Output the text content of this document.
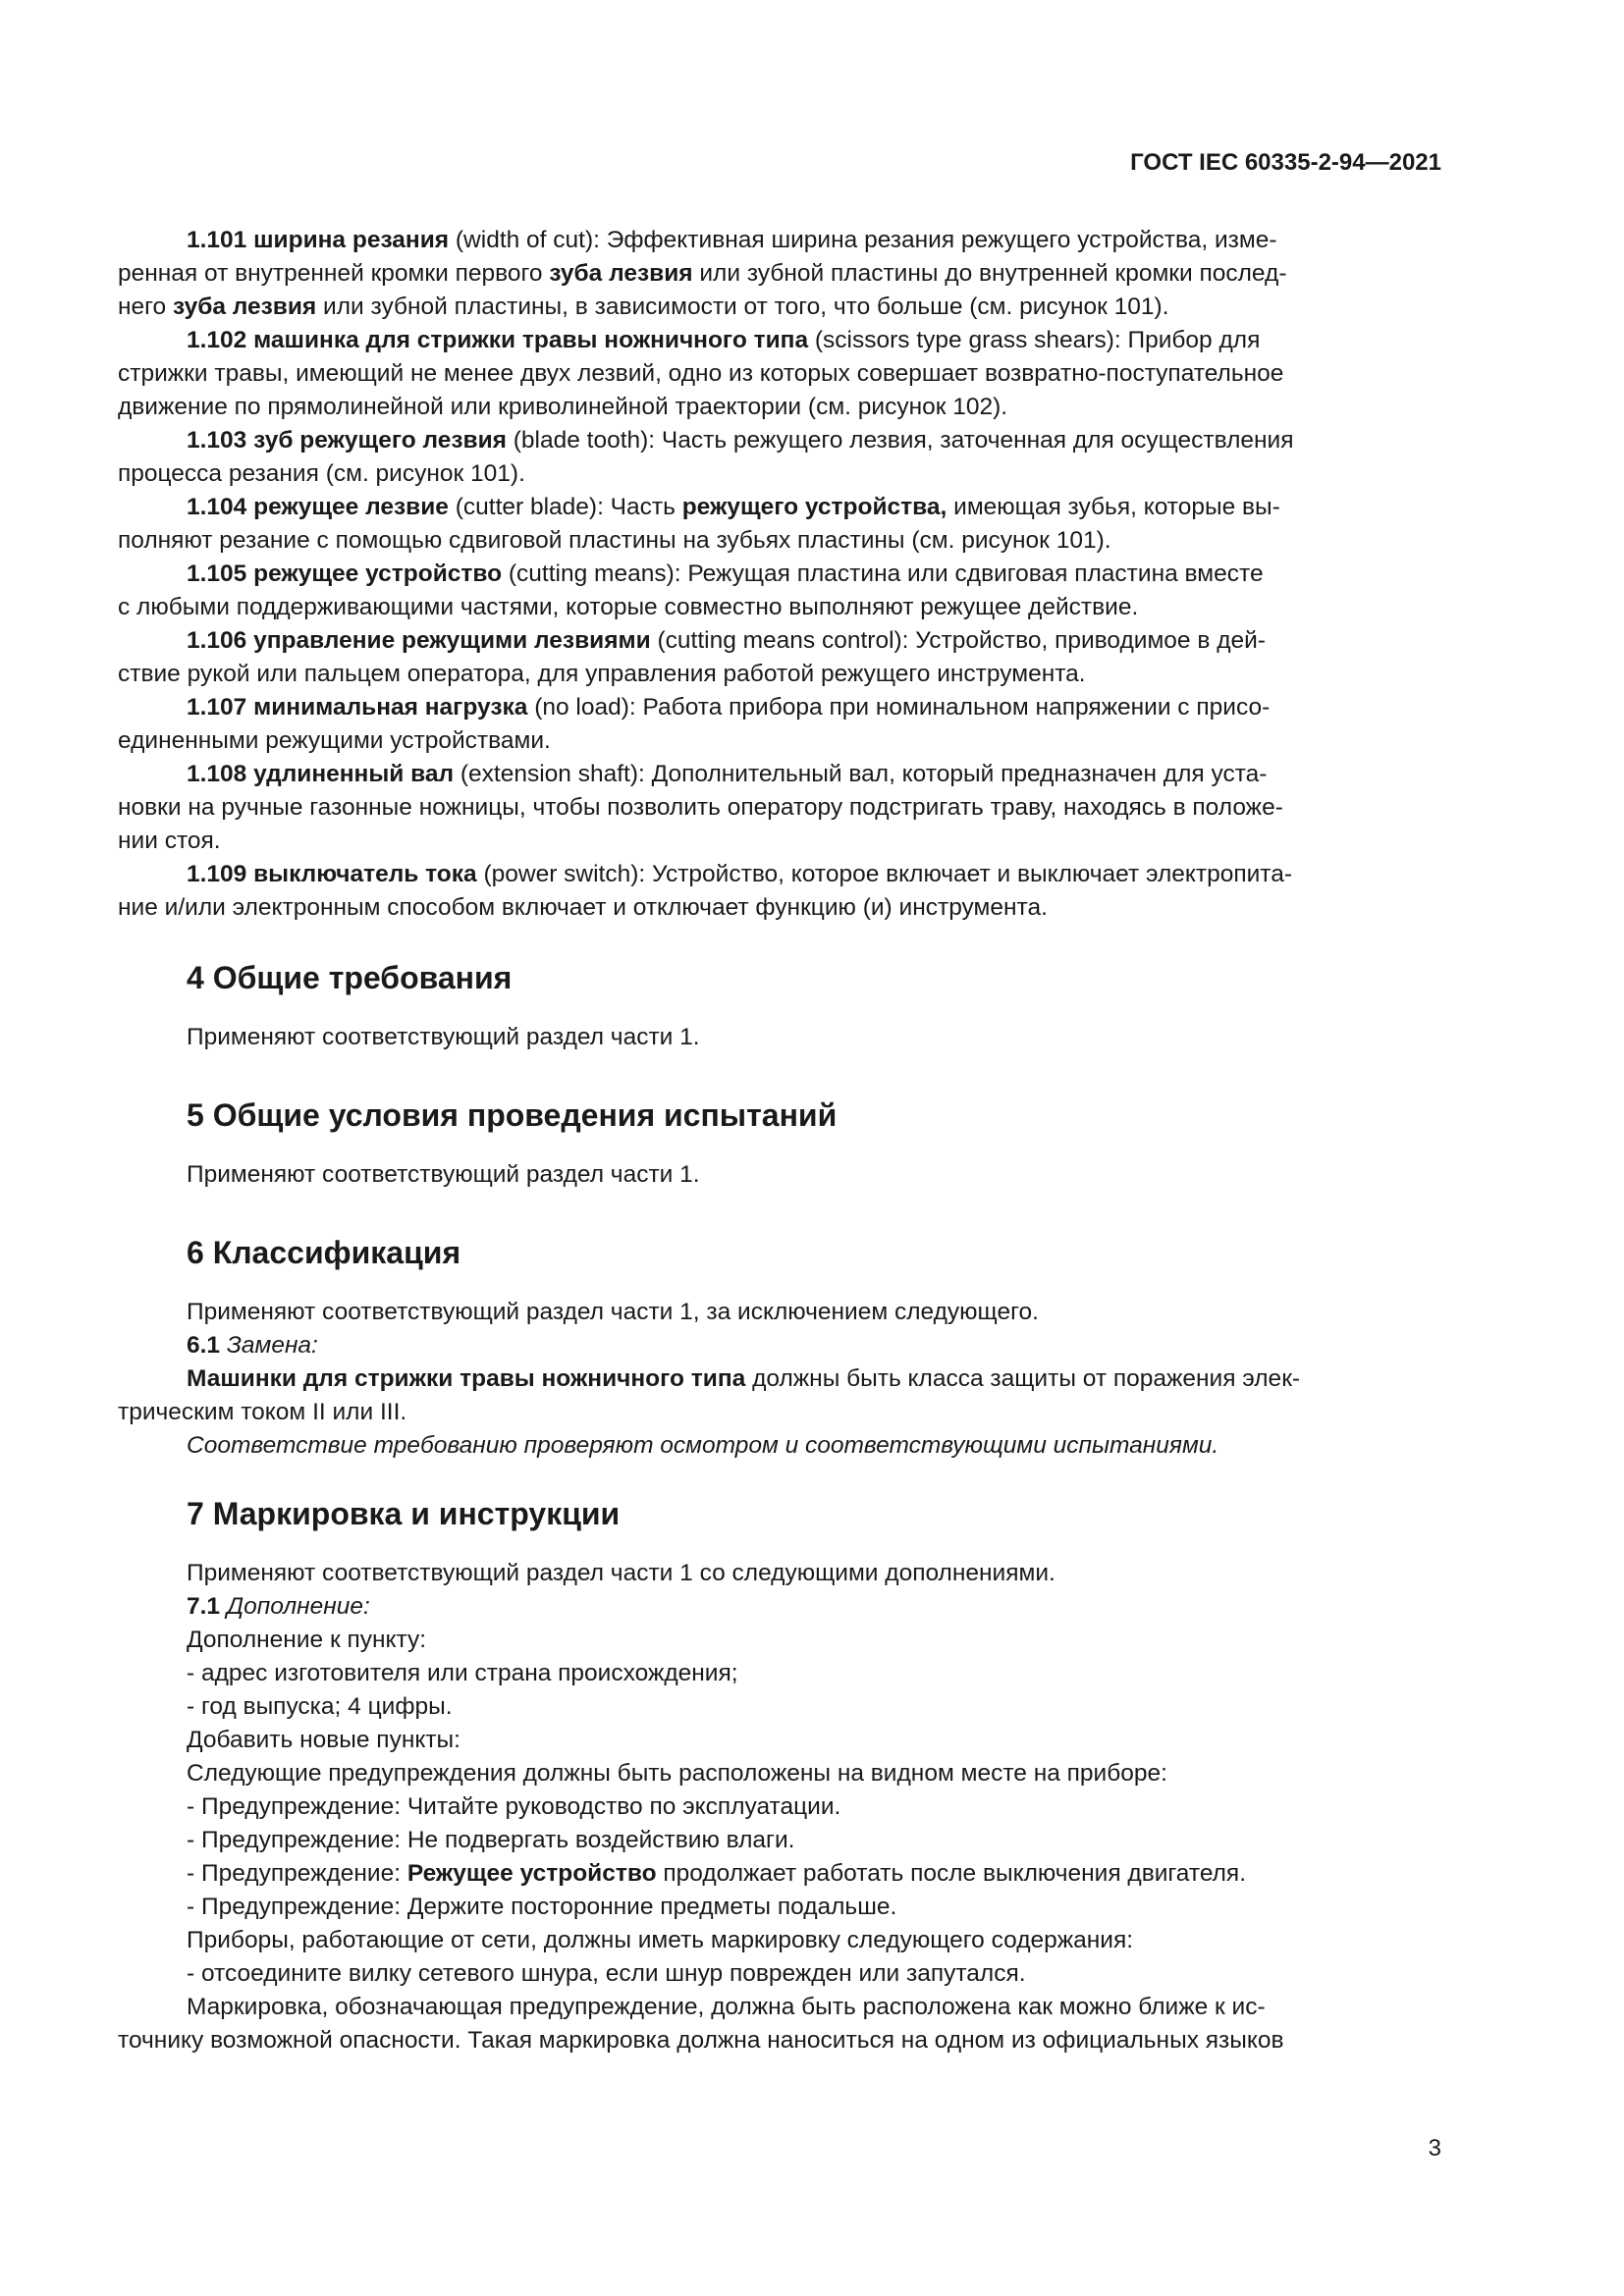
ГОСТ IEC 60335-2-94—2021
1.101 ширина резания (width of cut): Эффективная ширина резания режущего устройства, изме-
ренная от внутренней кромки первого зуба лезвия или зубной пластины до внутренней кромки послед-
него зуба лезвия или зубной пластины, в зависимости от того, что больше (см. рисунок 101).
1.102 машинка для стрижки травы ножничного типа (scissors type grass shears): Прибор для
стрижки травы, имеющий не менее двух лезвий, одно из которых совершает возвратно-поступательное
движение по прямолинейной или криволинейной траектории (см. рисунок 102).
1.103 зуб режущего лезвия (blade tooth): Часть режущего лезвия, заточенная для осуществления
процесса резания (см. рисунок 101).
1.104 режущее лезвие (cutter blade): Часть режущего устройства, имеющая зубья, которые вы-
полняют резание с помощью сдвиговой пластины на зубьях пластины (см. рисунок 101).
1.105 режущее устройство (cutting means): Режущая пластина или сдвиговая пластина вместе
с любыми поддерживающими частями, которые совместно выполняют режущее действие.
1.106 управление режущими лезвиями (cutting means control): Устройство, приводимое в дей-
ствие рукой или пальцем оператора, для управления работой режущего инструмента.
1.107 минимальная нагрузка (no load): Работа прибора при номинальном напряжении с присо-
единенными режущими устройствами.
1.108 удлиненный вал (extension shaft): Дополнительный вал, который предназначен для уста-
новки на ручные газонные ножницы, чтобы позволить оператору подстригать траву, находясь в положе-
нии стоя.
1.109 выключатель тока (power switch): Устройство, которое включает и выключает электропита-
ние и/или электронным способом включает и отключает функцию (и) инструмента.

4 Общие требования

Применяют соответствующий раздел части 1.

5 Общие условия проведения испытаний

Применяют соответствующий раздел части 1.

6 Классификация

Применяют соответствующий раздел части 1, за исключением следующего.

6.1 Замена:

Машинки для стрижки травы ножничного типа должны быть класса защиты от поражения элек-

трическим током II или III.

Соответствие требованию проверяют осмотром и соответствующими испытаниями.

7 Маркировка и инструкции

Применяют соответствующий раздел части 1 со следующими дополнениями.

7.1 Дополнение:

Дополнение к пункту:

- адрес изготовителя или страна происхождения;

- год выпуска; 4 цифры.

Добавить новые пункты:

Следующие предупреждения должны быть расположены на видном месте на приборе:

- Предупреждение: Читайте руководство по эксплуатации.

- Предупреждение: Не подвергать воздействию влаги.

- Предупреждение: Режущее устройство продолжает работать после выключения двигателя.

- Предупреждение: Держите посторонние предметы подальше.

Приборы, работающие от сети, должны иметь маркировку следующего содержания:

- отсоедините вилку сетевого шнура, если шнур поврежден или запутался.

Маркировка, обозначающая предупреждение, должна быть расположена как можно ближе к ис-

точнику возможной опасности. Такая маркировка должна наноситься на одном из официальных языков

3
